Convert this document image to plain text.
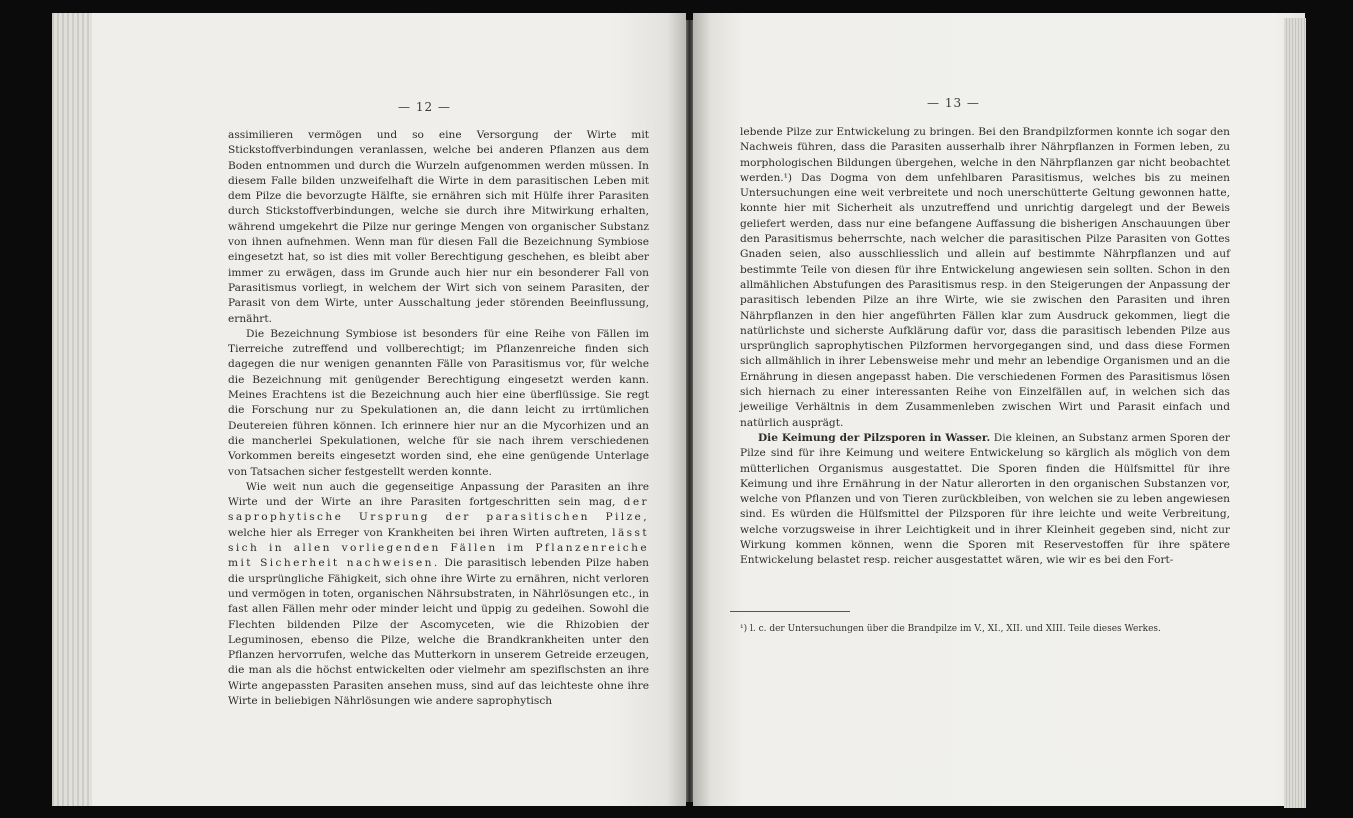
— 12 —

assimilieren vermögen und so eine Versorgung der Wirte mit Stickstoffverbindungen veranlassen, welche bei anderen Pflanzen aus dem Boden entnommen und durch die Wurzeln aufgenommen werden müssen. In diesem Falle bilden unzweifelhaft die Wirte in dem parasitischen Leben mit dem Pilze die bevorzugte Hälfte, sie ernähren sich mit Hülfe ihrer Parasiten durch Stickstoffverbindungen, welche sie durch ihre Mitwirkung erhalten, während umgekehrt die Pilze nur geringe Mengen von organischer Substanz von ihnen aufnehmen. Wenn man für diesen Fall die Bezeichnung Symbiose eingesetzt hat, so ist dies mit voller Berechtigung geschehen, es bleibt aber immer zu erwägen, dass im Grunde auch hier nur ein besonderer Fall von Parasitismus vorliegt, in welchem der Wirt sich von seinem Parasiten, der Parasit von dem Wirte, unter Ausschaltung jeder störenden Beeinflussung, ernährt.

Die Bezeichnung Symbiose ist besonders für eine Reihe von Fällen im Tierreiche zutreffend und vollberechtigt; im Pflanzenreiche finden sich dagegen die nur wenigen genannten Fälle von Parasitismus vor, für welche die Bezeichnung mit genügender Berechtigung eingesetzt werden kann. Meines Erachtens ist die Bezeichnung auch hier eine überflüssige. Sie regt die Forschung nur zu Spekulationen an, die dann leicht zu irrtümlichen Deutereien führen können. Ich erinnere hier nur an die Mycorhizen und an die mancherlei Spekulationen, welche für sie nach ihrem verschiedenen Vorkommen bereits eingesetzt worden sind, ehe eine genügende Unterlage von Tatsachen sicher festgestellt werden konnte.

Wie weit nun auch die gegenseitige Anpassung der Parasiten an ihre Wirte und der Wirte an ihre Parasiten fortgeschritten sein mag, der saprophytische Ursprung der parasitischen Pilze, welche hier als Erreger von Krankheiten bei ihren Wirten auftreten, lässt sich in allen vorliegenden Fällen im Pflanzenreiche mit Sicherheit nachweisen. Die parasitisch lebenden Pilze haben die ursprüngliche Fähigkeit, sich ohne ihre Wirte zu ernähren, nicht verloren und vermögen in toten, organischen Nährsubstraten, in Nährlösungen etc., in fast allen Fällen mehr oder minder leicht und üppig zu gedeihen. Sowohl die Flechten bildenden Pilze der Ascomyceten, wie die Rhizobien der Leguminosen, ebenso die Pilze, welche die Brandkrankheiten unter den Pflanzen hervorrufen, welche das Mutterkorn in unserem Getreide erzeugen, die man als die höchst entwickelten oder vielmehr am speziflschsten an ihre Wirte angepassten Parasiten ansehen muss, sind auf das leichteste ohne ihre Wirte in beliebigen Nährlösungen wie andere saprophytisch

— 13 —

lebende Pilze zur Entwickelung zu bringen. Bei den Brandpilzformen konnte ich sogar den Nachweis führen, dass die Parasiten ausserhalb ihrer Nährpflanzen in Formen leben, zu morphologischen Bildungen übergehen, welche in den Nährpflanzen gar nicht beobachtet werden.¹) Das Dogma von dem unfehlbaren Parasitismus, welches bis zu meinen Untersuchungen eine weit verbreitete und noch unerschütterte Geltung gewonnen hatte, konnte hier mit Sicherheit als unzutreffend und unrichtig dargelegt und der Beweis geliefert werden, dass nur eine befangene Auffassung die bisherigen Anschauungen über den Parasitismus beherrschte, nach welcher die parasitischen Pilze Parasiten von Gottes Gnaden seien, also ausschliesslich und allein auf bestimmte Nährpflanzen und auf bestimmte Teile von diesen für ihre Entwickelung angewiesen sein sollten. Schon in den allmählichen Abstufungen des Parasitismus resp. in den Steigerungen der Anpassung der parasitisch lebenden Pilze an ihre Wirte, wie sie zwischen den Parasiten und ihren Nährpflanzen in den hier angeführten Fällen klar zum Ausdruck gekommen, liegt die natürlichste und sicherste Aufklärung dafür vor, dass die parasitisch lebenden Pilze aus ursprünglich saprophytischen Pilzformen hervorgegangen sind, und dass diese Formen sich allmählich in ihrer Lebensweise mehr und mehr an lebendige Organismen und an die Ernährung in diesen angepasst haben. Die verschiedenen Formen des Parasitismus lösen sich hiernach zu einer interessanten Reihe von Einzelfällen auf, in welchen sich das jeweilige Verhältnis in dem Zusammenleben zwischen Wirt und Parasit einfach und natürlich ausprägt.

Die Keimung der Pilzsporen in Wasser. Die kleinen, an Substanz armen Sporen der Pilze sind für ihre Keimung und weitere Entwickelung so kärglich als möglich von dem mütterlichen Organismus ausgestattet. Die Sporen finden die Hülfsmittel für ihre Keimung und ihre Ernährung in der Natur allerorten in den organischen Substanzen vor, welche von Pflanzen und von Tieren zurückbleiben, von welchen sie zu leben angewiesen sind. Es würden die Hülfsmittel der Pilzsporen für ihre leichte und weite Verbreitung, welche vorzugsweise in ihrer Leichtigkeit und in ihrer Kleinheit gegeben sind, nicht zur Wirkung kommen können, wenn die Sporen mit Reservestoffen für ihre spätere Entwickelung belastet resp. reicher ausgestattet wären, wie wir es bei den Fort-

¹) l. c. der Untersuchungen über die Brandpilze im V., XI., XII. und XIII. Teile dieses Werkes.
